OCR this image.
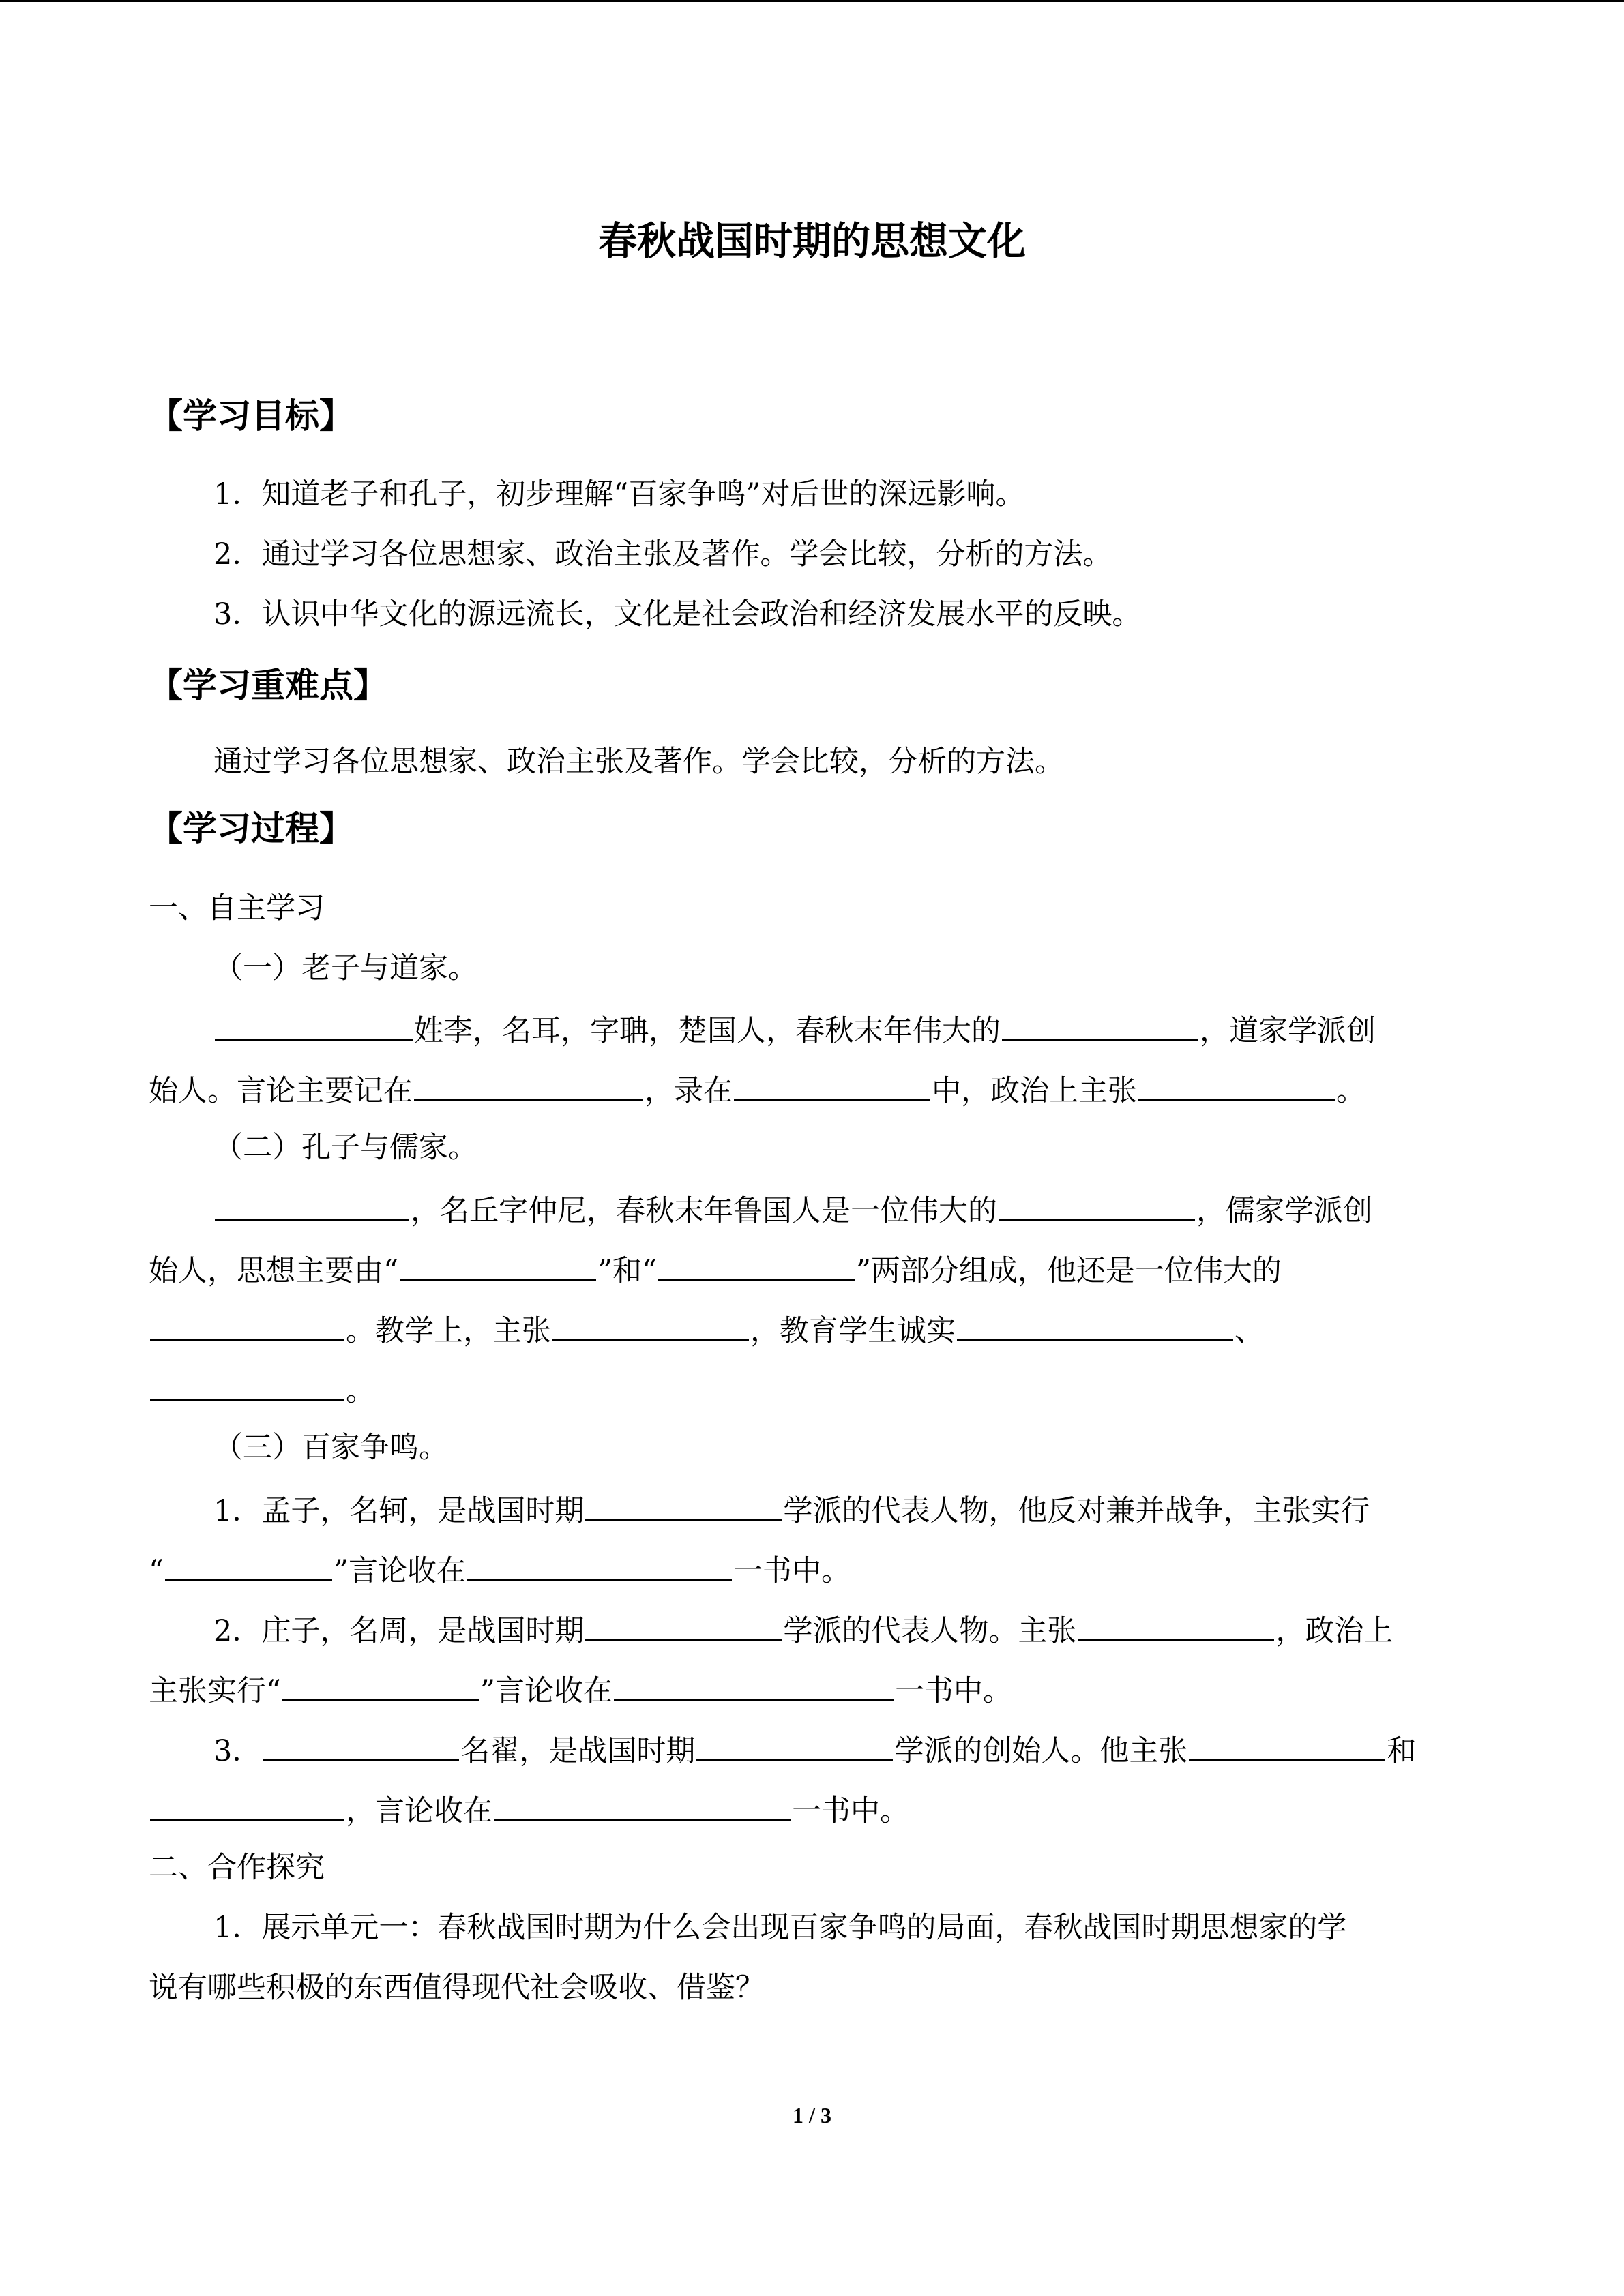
春秋战国时期的思想文化
【学习目标】
1．知道老子和孔子，初步理解“百家争鸣”对后世的深远影响。
2．通过学习各位思想家、政治主张及著作。学会比较，分析的方法。
3．认识中华文化的源远流长，文化是社会政治和经济发展水平的反映。
【学习重难点】
通过学习各位思想家、政治主张及著作。学会比较，分析的方法。
【学习过程】
一、自主学习
（一）老子与道家。
姓李，名耳，字聃，楚国人，春秋末年伟大的	，道家学派创
始人。言论主要记在	，录在	中，政治上主张	。
（二）孔子与儒家。
，名丘字仲尼，春秋末年鲁国人是一位伟大的	，儒家学派创
始人，思想主要由“	”和“	”两部分组成，他还是一位伟大的
。教学上，主张	，教育学生诚实	、
。
（三）百家争鸣。
1．孟子，名轲，是战国时期	学派的代表人物，他反对兼并战争，主张实行
“	”言论收在	一书中。
2．庄子，名周，是战国时期	学派的代表人物。主张	，政治上
主张实行“	”言论收在	一书中。
3．	名翟，是战国时期	学派的创始人。他主张	和
，言论收在	一书中。
二、合作探究
1．展示单元一：春秋战国时期为什么会出现百家争鸣的局面，春秋战国时期思想家的学
说有哪些积极的东西值得现代社会吸收、借鉴？
1 / 3
